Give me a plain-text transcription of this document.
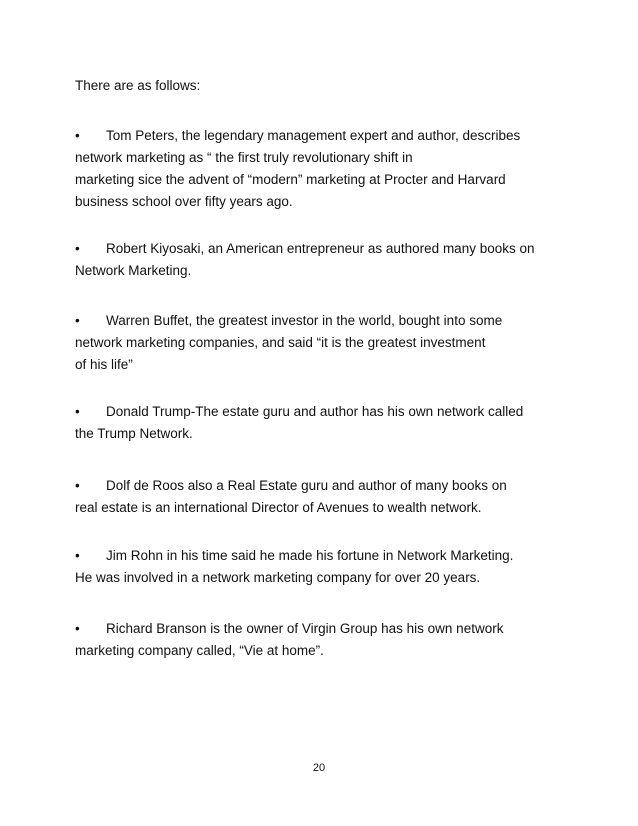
There are as follows:
• Tom Peters, the legendary management expert and author, describes
network marketing as “ the first truly revolutionary shift in
marketing sice the advent of “modern” marketing at Procter and Harvard
business school over fifty years ago.
• Robert Kiyosaki, an American entrepreneur as authored many books on
Network Marketing.
• Warren Buffet, the greatest investor in the world, bought into some
network marketing companies, and said “it is the greatest investment
of his life”
• Donald Trump-The estate guru and author has his own network called
the Trump Network.
• Dolf de Roos also a Real Estate guru and author of many books on
real estate is an international Director of Avenues to wealth network.
• Jim Rohn in his time said he made his fortune in Network Marketing.
He was involved in a network marketing company for over 20 years.
• Richard Branson is the owner of Virgin Group has his own network
marketing company called, “Vie at home”.
20
